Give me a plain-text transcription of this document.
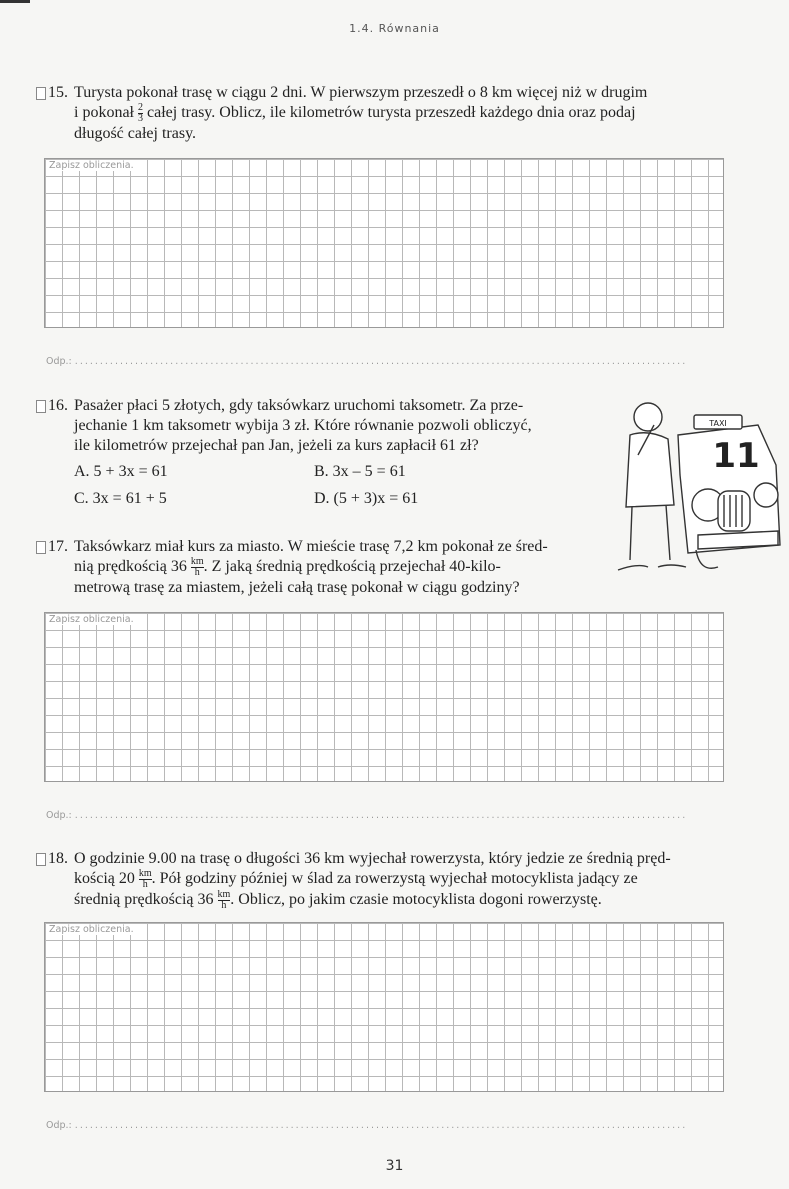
1.4. Równania
15. Turysta pokonał trasę w ciągu 2 dni. W pierwszym przeszedł o 8 km więcej niż w drugim
i pokonał $\frac{2}{3}$ całej trasy. Oblicz, ile kilometrów turysta przeszedł każdego dnia oraz podaj
długość całej trasy.
Zapisz obliczenia.
Odp.: ..........................................................................................................................
16. Pasażer płaci 5 złotych, gdy taksówkarz uruchomi taksometr. Za prze-
jechanie 1 km taksometr wybija 3 zł. Które równanie pozwoli obliczyć,
ile kilometrów przejechał pan Jan, jeżeli za kurs zapłacił 61 zł?
A. 5 + 3x = 61	B. 3x – 5 = 61
C. 3x = 61 + 5	D. (5 + 3)x = 61
17. Taksówkarz miał kurs za miasto. W mieście trasę 7,2 km pokonał ze śred-
nią prędkością $36 \frac{km}{h}$ . Z jaką średnią prędkością przejechał 40-kilo-
metrową trasę za miastem, jeżeli całą trasę pokonał w ciągu godziny?
TAXI
11
Zapisz obliczenia.
Odp.: ..........................................................................................................................
18. O godzinie 9.00 na trasę o długości 36 km wyjechał rowerzysta, który jedzie ze średnią pręd-
kością $20 \frac{km}{h}$ . Pół godziny później w ślad za rowerzystą wyjechał motocyklista jadący ze
średnią prędkością $36 \frac{km}{h}$ . Oblicz, po jakim czasie motocyklista dogoni rowerzystę.
Zapisz obliczenia.
Odp.: ..........................................................................................................................
31
